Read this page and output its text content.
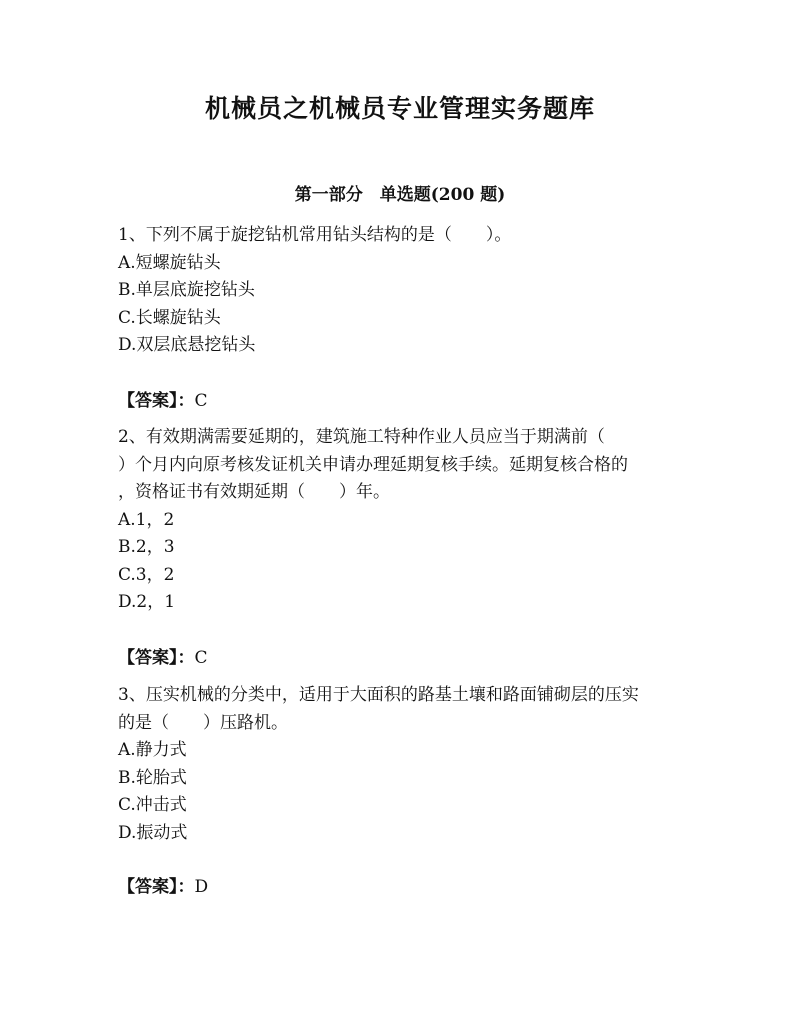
机械员之机械员专业管理实务题库
第一部分　单选题(200 题)
1、下列不属于旋挖钻机常用钻头结构的是（　　）。
A.短螺旋钻头
B.单层底旋挖钻头
C.长螺旋钻头
D.双层底悬挖钻头
【答案】：C
2、有效期满需要延期的，建筑施工特种作业人员应当于期满前（
）个月内向原考核发证机关申请办理延期复核手续。延期复核合格的
，资格证书有效期延期（　　）年。
A.1，2
B.2，3
C.3，2
D.2，1
【答案】：C
3、压实机械的分类中，适用于大面积的路基土壤和路面铺砌层的压实
的是（　　）压路机。
A.静力式
B.轮胎式
C.冲击式
D.振动式
【答案】：D
